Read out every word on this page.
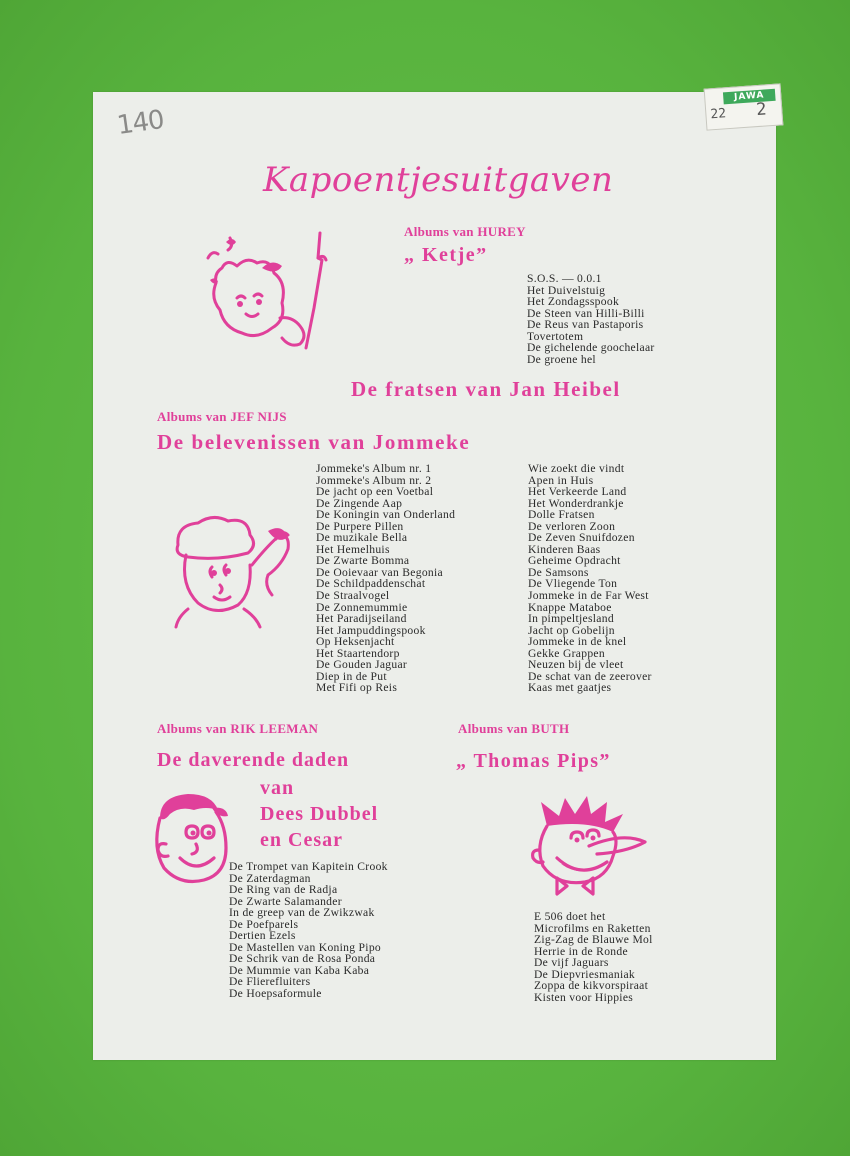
140
JAWA
22 2
Kapoentjesuitgaven
Albums van HUREY
„ Ketje”
S.O.S. — 0.0.1
Het Duivelstuig
Het Zondagsspook
De Steen van Hilli-Billi
De Reus van Pastaporis
Tovertotem
De gichelende goochelaar
De groene hel
De fratsen van Jan Heibel
Albums van JEF NIJS
De belevenissen van Jommeke
Jommeke's Album nr. 1
Jommeke's Album nr. 2
De jacht op een Voetbal
De Zingende Aap
De Koningin van Onderland
De Purpere Pillen
De muzikale Bella
Het Hemelhuis
De Zwarte Bomma
De Ooievaar van Begonia
De Schildpaddenschat
De Straalvogel
De Zonnemummie
Het Paradijseiland
Het Jampuddingspook
Op Heksenjacht
Het Staartendorp
De Gouden Jaguar
Diep in de Put
Met Fifi op Reis
Wie zoekt die vindt
Apen in Huis
Het Verkeerde Land
Het Wonderdrankje
Dolle Fratsen
De verloren Zoon
De Zeven Snuifdozen
Kinderen Baas
Geheime Opdracht
De Samsons
De Vliegende Ton
Jommeke in de Far West
Knappe Mataboe
In pimpeltjesland
Jacht op Gobelijn
Jommeke in de knel
Gekke Grappen
Neuzen bij de vleet
De schat van de zeerover
Kaas met gaatjes
Albums van RIK LEEMAN
De daverende daden
van
Dees Dubbel
en Cesar
De Trompet van Kapitein Crook
De Zaterdagman
De Ring van de Radja
De Zwarte Salamander
In de greep van de Zwikzwak
De Poefparels
Dertien Ezels
De Mastellen van Koning Pipo
De Schrik van de Rosa Ponda
De Mummie van Kaba Kaba
De Flierefluiters
De Hoepsaformule
Albums van BUTH
„ Thomas Pips”
E 506 doet het
Microfilms en Raketten
Zig-Zag de Blauwe Mol
Herrie in de Ronde
De vijf Jaguars
De Diepvriesmaniak
Zoppa de kikvorspiraat
Kisten voor Hippies
